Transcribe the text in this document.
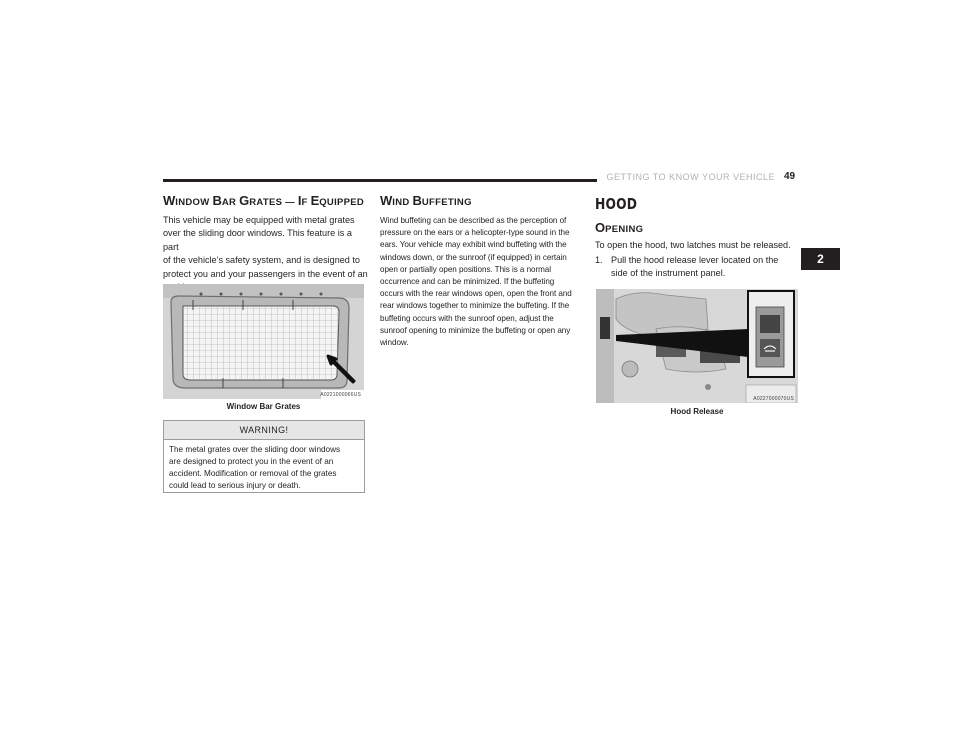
GETTING TO KNOW YOUR VEHICLE 49
2
WINDOW BAR GRATES — IF EQUIPPED
This vehicle may be equipped with metal grates
over the sliding door windows. This feature is a part
of the vehicle’s safety system, and is designed to
protect you and your passengers in the event of an
A0221000066US
Window Bar Grates
WARNING!
The metal grates over the sliding door windows
are designed to protect you in the event of an
accident. Modification or removal of the grates
could lead to serious injury or death.
WIND BUFFETING
Wind buffeting can be described as the perception of
pressure on the ears or a helicopter-type sound in the
ears. Your vehicle may exhibit wind buffeting with the
windows down, or the sunroof (if equipped) in certain
open or partially open positions. This is a normal
occurrence and can be minimized. If the buffeting
occurs with the rear windows open, open the front and
rear windows together to minimize the buffeting. If the
buffeting occurs with the sunroof open, adjust the
sunroof opening to minimize the buffeting or open any
window.
HOOD
OPENING
To open the hood, two latches must be released.
1. Pull the hood release lever located on the
side of the instrument panel.
A0227000070US
Hood Release
